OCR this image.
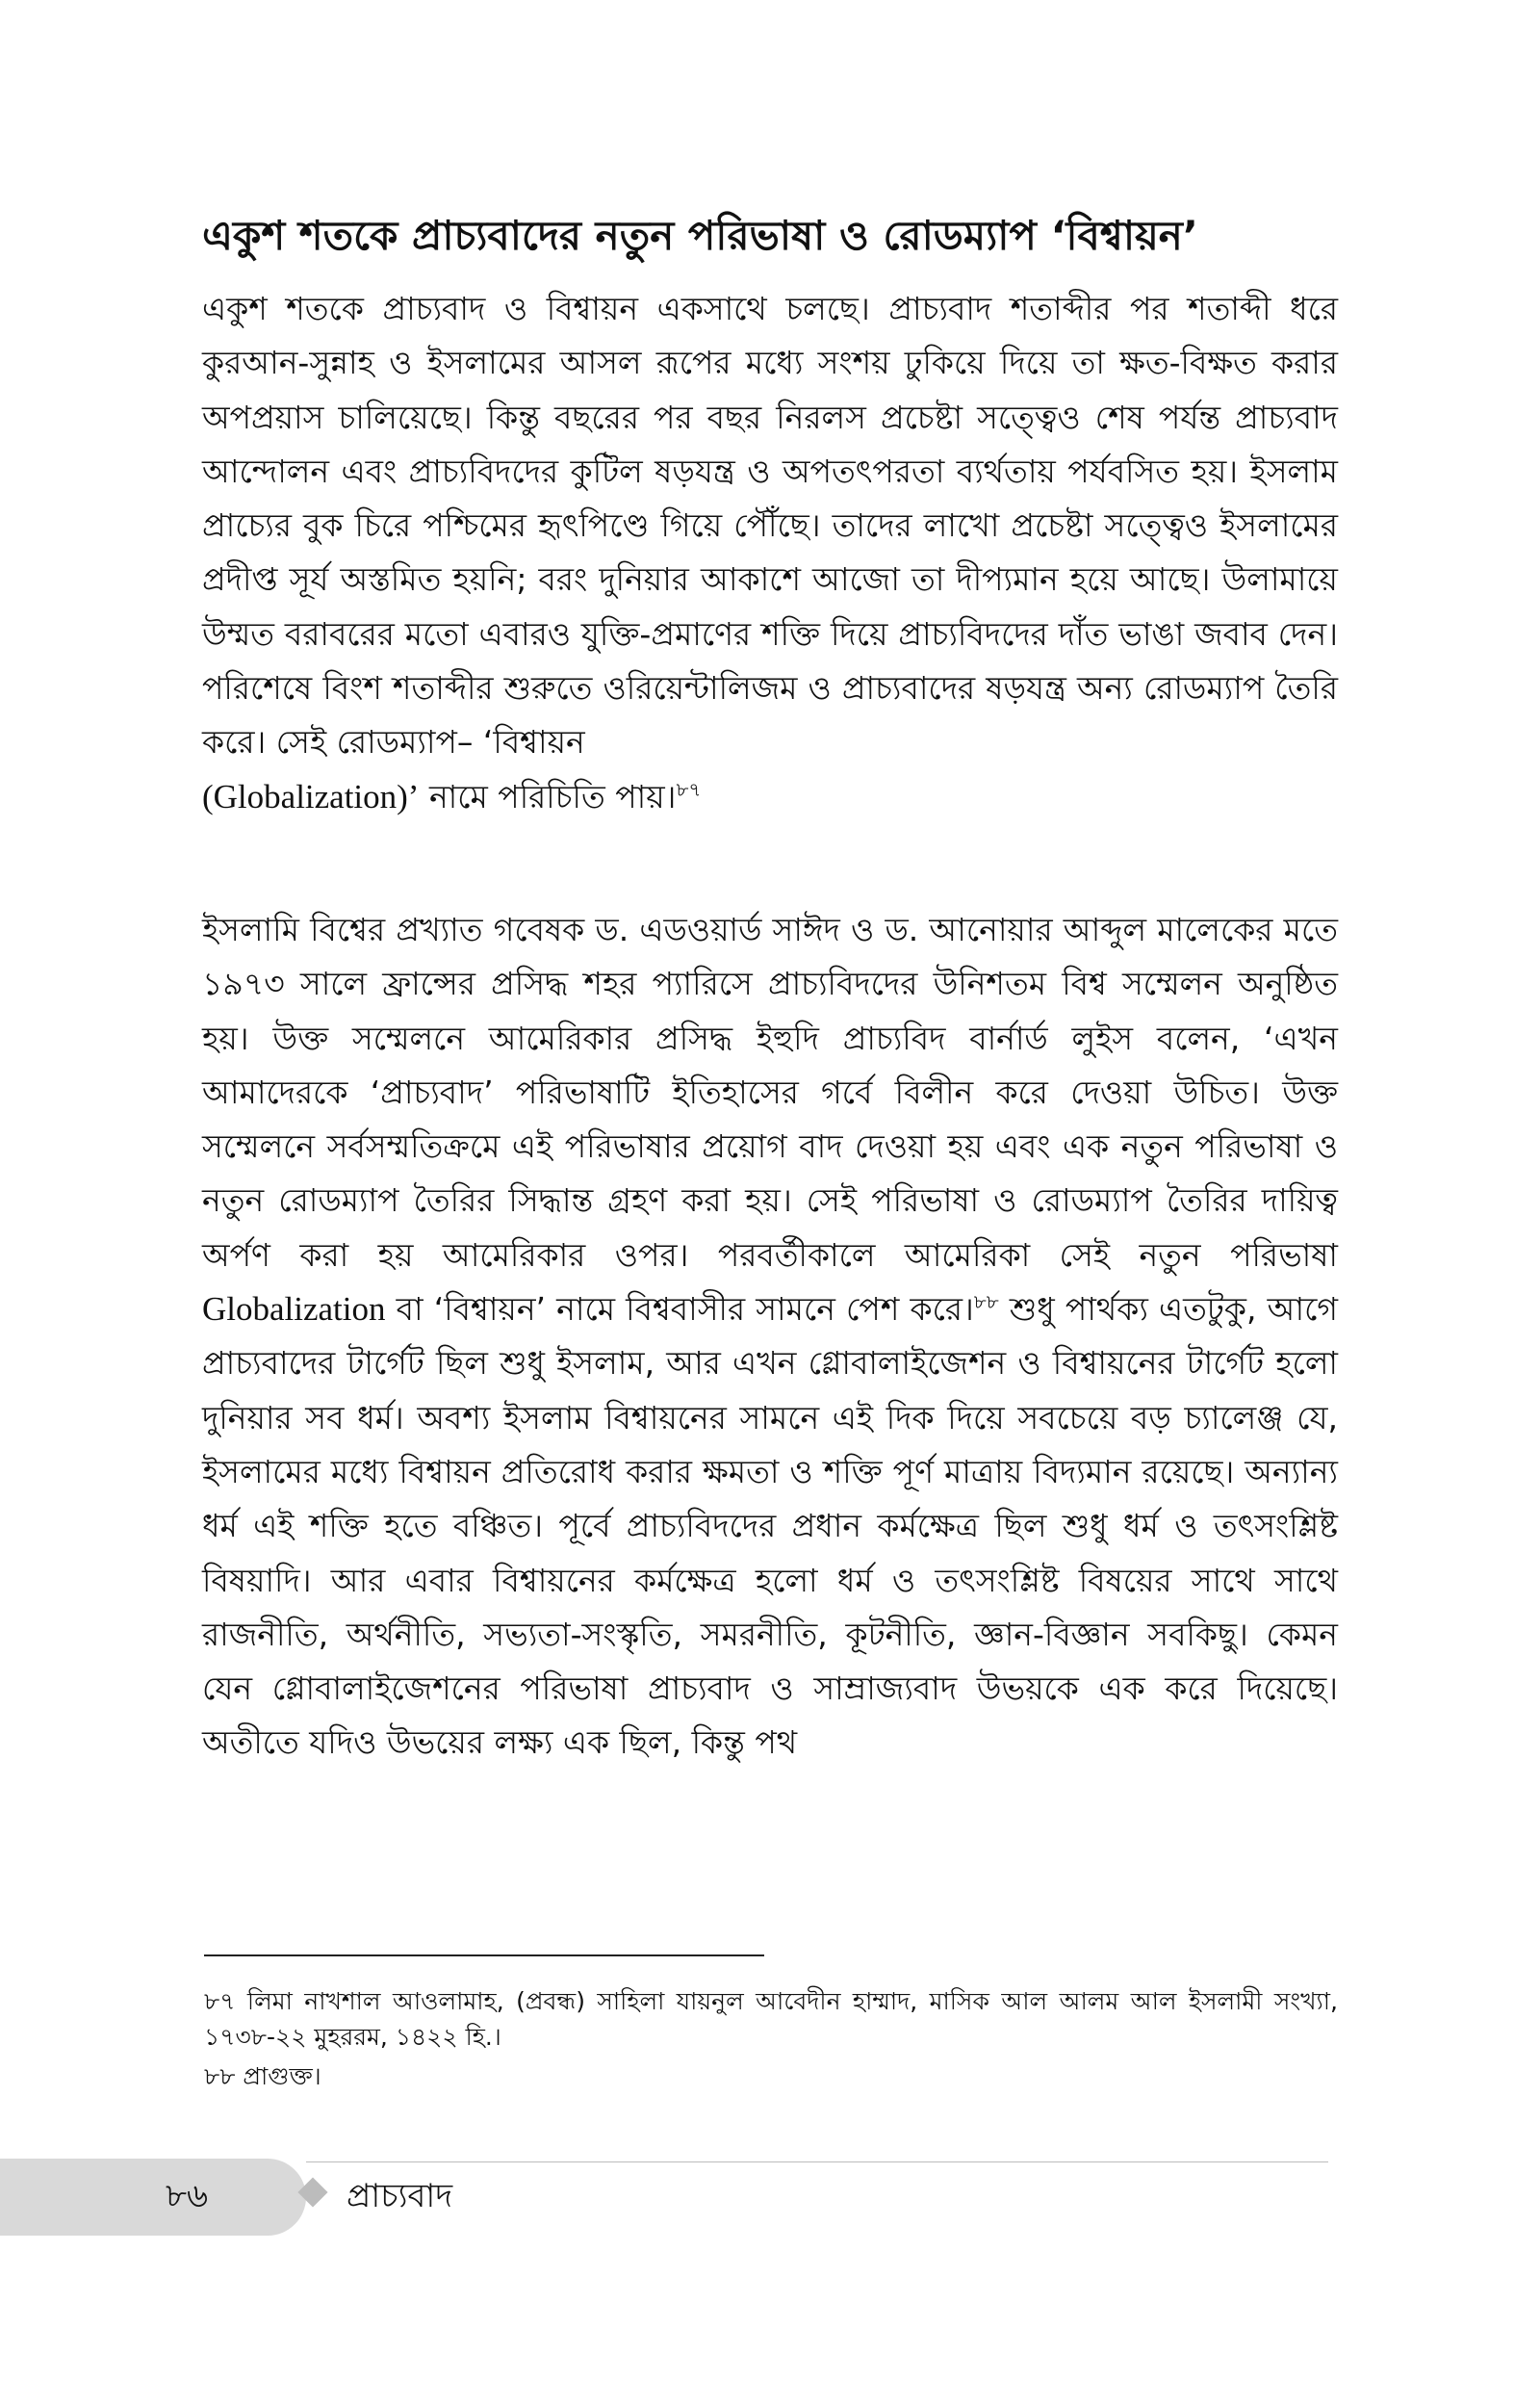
একুশ শতকে প্রাচ্যবাদের নতুন পরিভাষা ও রোডম্যাপ ‘বিশ্বায়ন’
একুশ শতকে প্রাচ্যবাদ ও বিশ্বায়ন একসাথে চলছে। প্রাচ্যবাদ শতাব্দীর পর শতাব্দী ধরে কুরআন-সুন্নাহ ও ইসলামের আসল রূপের মধ্যে সংশয় ঢুকিয়ে দিয়ে তা ক্ষত-বিক্ষত করার অপপ্রয়াস চালিয়েছে। কিন্তু বছরের পর বছর নিরলস প্রচেষ্টা সত্ত্বেও শেষ পর্যন্ত প্রাচ্যবাদ আন্দোলন এবং প্রাচ্যবিদদের কুটিল ষড়যন্ত্র ও অপতৎপরতা ব্যর্থতায় পর্যবসিত হয়। ইসলাম প্রাচ্যের বুক চিরে পশ্চিমের হৃৎপিণ্ডে গিয়ে পৌঁছে। তাদের লাখো প্রচেষ্টা সত্ত্বেও ইসলামের প্রদীপ্ত সূর্য অস্তমিত হয়নি; বরং দুনিয়ার আকাশে আজো তা দীপ্যমান হয়ে আছে। উলামায়ে উম্মত বরাবরের মতো এবারও যুক্তি-প্রমাণের শক্তি দিয়ে প্রাচ্যবিদদের দাঁত ভাঙা জবাব দেন। পরিশেষে বিংশ শতাব্দীর শুরুতে ওরিয়েন্টালিজম ও প্রাচ্যবাদের ষড়যন্ত্র অন্য রোডম্যাপ তৈরি করে। সেই রোডম্যাপ– ‘বিশ্বায়ন
(Globalization)’ নামে পরিচিতি পায়।$^{৮৭}$
ইসলামি বিশ্বের প্রখ্যাত গবেষক ড. এডওয়ার্ড সাঈদ ও ড. আনোয়ার আব্দুল মালেকের মতে ১৯৭৩ সালে ফ্রান্সের প্রসিদ্ধ শহর প্যারিসে প্রাচ্যবিদদের উনিশতম বিশ্ব সম্মেলন অনুষ্ঠিত হয়। উক্ত সম্মেলনে আমেরিকার প্রসিদ্ধ ইহুদি প্রাচ্যবিদ বার্নার্ড লুইস বলেন, ‘এখন আমাদেরকে ‘প্রাচ্যবাদ’ পরিভাষাটি ইতিহাসের গর্বে বিলীন করে দেওয়া উচিত। উক্ত সম্মেলনে সর্বসম্মতিক্রমে এই পরিভাষার প্রয়োগ বাদ দেওয়া হয় এবং এক নতুন পরিভাষা ও নতুন রোডম্যাপ তৈরির সিদ্ধান্ত গ্রহণ করা হয়। সেই পরিভাষা ও রোডম্যাপ তৈরির দায়িত্ব অর্পণ করা হয় আমেরিকার ওপর। পরবর্তীকালে আমেরিকা সেই নতুন পরিভাষা Globalization বা ‘বিশ্বায়ন’ নামে বিশ্ববাসীর সামনে পেশ করে।$^{৮৮}$ শুধু পার্থক্য এতটুকু, আগে প্রাচ্যবাদের টার্গেট ছিল শুধু ইসলাম, আর এখন গ্লোবালাইজেশন ও বিশ্বায়নের টার্গেট হলো দুনিয়ার সব ধর্ম। অবশ্য ইসলাম বিশ্বায়নের সামনে এই দিক দিয়ে সবচেয়ে বড় চ্যালেঞ্জ যে, ইসলামের মধ্যে বিশ্বায়ন প্রতিরোধ করার ক্ষমতা ও শক্তি পূর্ণ মাত্রায় বিদ্যমান রয়েছে। অন্যান্য ধর্ম এই শক্তি হতে বঞ্চিত। পূর্বে প্রাচ্যবিদদের প্রধান কর্মক্ষেত্র ছিল শুধু ধর্ম ও তৎসংশ্লিষ্ট বিষয়াদি। আর এবার বিশ্বায়নের কর্মক্ষেত্র হলো ধর্ম ও তৎসংশ্লিষ্ট বিষয়ের সাথে সাথে রাজনীতি, অর্থনীতি, সভ্যতা-সংস্কৃতি, সমরনীতি, কূটনীতি, জ্ঞান-বিজ্ঞান সবকিছু। কেমন যেন গ্লোবালাইজেশনের পরিভাষা প্রাচ্যবাদ ও সাম্রাজ্যবাদ উভয়কে এক করে দিয়েছে। অতীতে যদিও উভয়ের লক্ষ্য এক ছিল, কিন্তু পথ

৮৭ লিমা নাখশাল আওলামাহ, (প্রবন্ধ) সাহিলা যায়নুল আবেদীন হাম্মাদ, মাসিক আল আলম আল ইসলামী সংখ্যা, ১৭৩৮-২২ মুহররম, ১৪২২ হি.।

৮৮ প্রাগুক্ত।

৮৬	প্রাচ্যবাদ
